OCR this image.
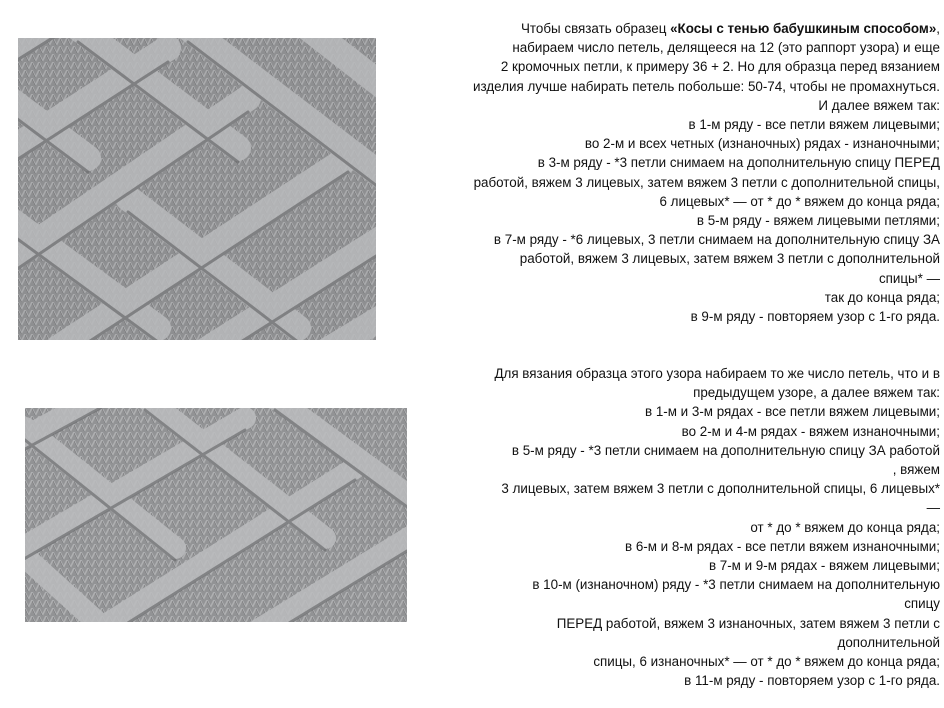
Чтобы связать образец «Косы с тенью бабушкиным способом»,
набираем число петель, делящееся на 12 (это раппорт узора) и еще
2 кромочных петли, к примеру 36 + 2. Но для образца перед вязанием
изделия лучше набирать петель побольше: 50-74, чтобы не промахнуться.
И далее вяжем так:
в 1-м ряду - все петли вяжем лицевыми;
во 2-м и всех четных (изнаночных) рядах - изнаночными;
в 3-м ряду - *3 петли снимаем на дополнительную спицу ПЕРЕД
работой, вяжем 3 лицевых, затем вяжем 3 петли с дополнительной спицы,
6 лицевых* — от * до * вяжем до конца ряда;
в 5-м ряду - вяжем лицевыми петлями;
в 7-м ряду - *6 лицевых, 3 петли снимаем на дополнительную спицу ЗА
работой, вяжем 3 лицевых, затем вяжем 3 петли с дополнительной
спицы* —
так до конца ряда;
в 9-м ряду - повторяем узор с 1-го ряда.
Для вязания образца этого узора набираем то же число петель, что и в
предыдущем узоре, а далее вяжем так:
в 1-м и 3-м рядах - все петли вяжем лицевыми;
во 2-м и 4-м рядах - вяжем изнаночными;
в 5-м ряду - *3 петли снимаем на дополнительную спицу ЗА работой
, вяжем
3 лицевых, затем вяжем 3 петли с дополнительной спицы, 6 лицевых*
—
от * до * вяжем до конца ряда;
в 6-м и 8-м рядах - все петли вяжем изнаночными;
в 7-м и 9-м рядах - вяжем лицевыми;
в 10-м (изнаночном) ряду - *3 петли снимаем на дополнительную
спицу
ПЕРЕД работой, вяжем 3 изнаночных, затем вяжем 3 петли с
дополнительной
спицы, 6 изнаночных* — от * до * вяжем до конца ряда;
в 11-м ряду - повторяем узор с 1-го ряда.
